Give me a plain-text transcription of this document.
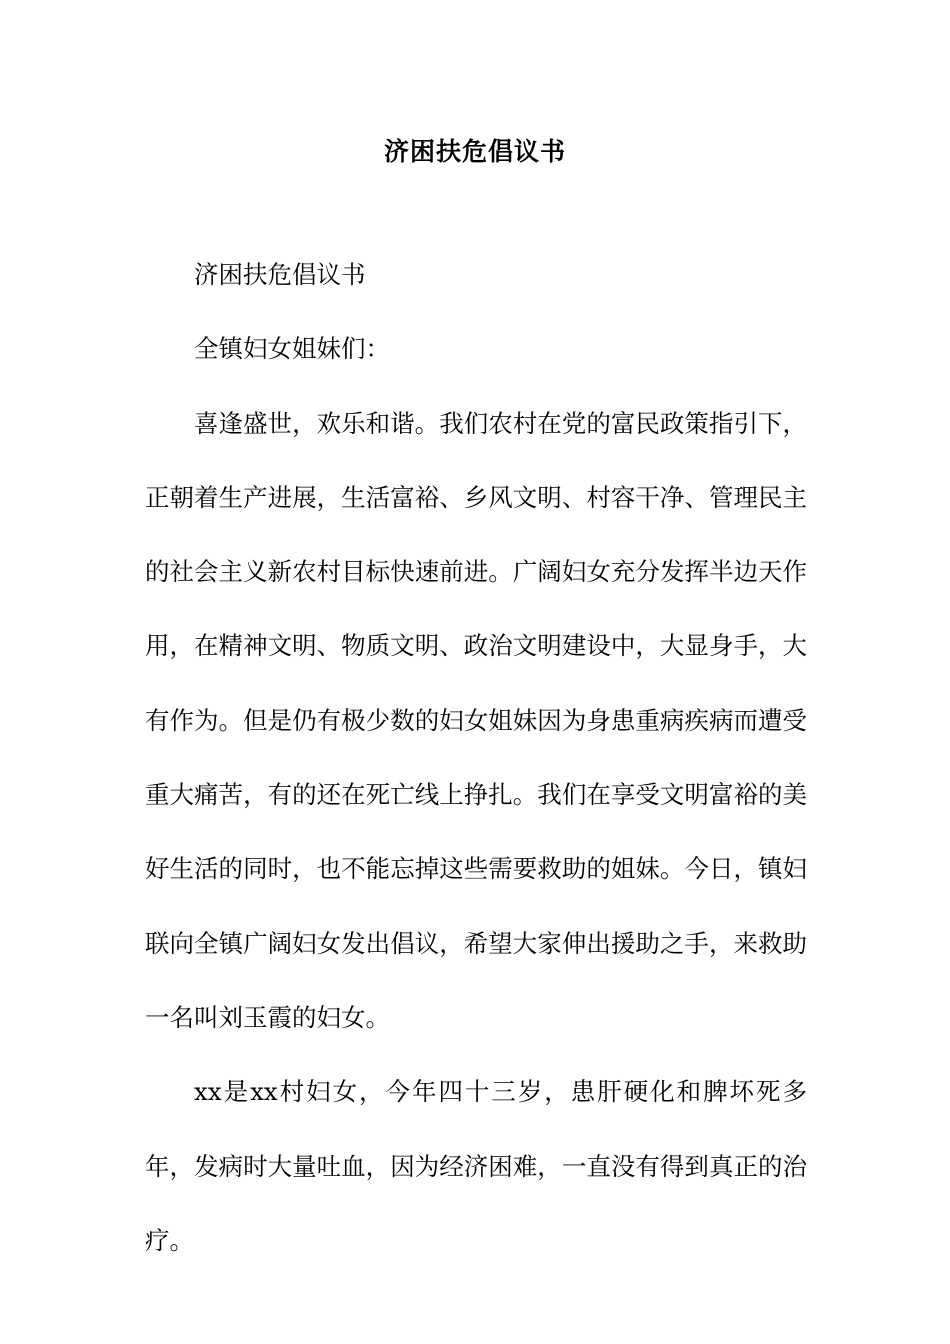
济困扶危倡议书

济困扶危倡议书

全镇妇女姐妹们：

喜逢盛世，欢乐和谐。我们农村在党的富民政策指引下，正朝着生产进展，生活富裕、乡风文明、村容干净、管理民主的社会主义新农村目标快速前进。广阔妇女充分发挥半边天作用，在精神文明、物质文明、政治文明建设中，大显身手，大有作为。但是仍有极少数的妇女姐妹因为身患重病疾病而遭受重大痛苦，有的还在死亡线上挣扎。我们在享受文明富裕的美好生活的同时，也不能忘掉这些需要救助的姐妹。今日，镇妇联向全镇广阔妇女发出倡议，希望大家伸出援助之手，来救助一名叫刘玉霞的妇女。

xx是xx村妇女，今年四十三岁，患肝硬化和脾坏死多年，发病时大量吐血，因为经济困难，一直没有得到真正的治疗。
